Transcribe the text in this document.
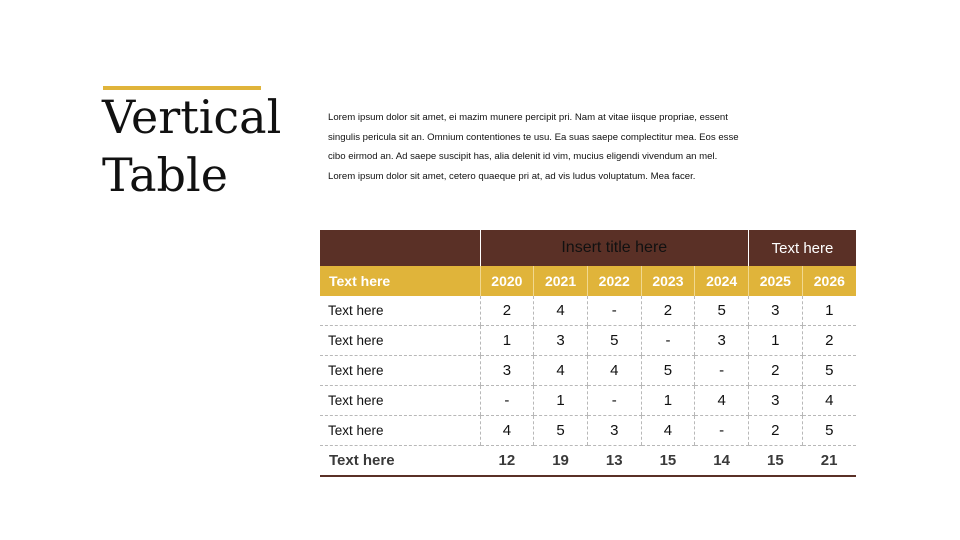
Vertical
Table

Lorem ipsum dolor sit amet, ei mazim munere percipit pri. Nam at vitae iisque propriae, essent
singulis pericula sit an. Omnium contentiones te usu. Ea suas saepe complectitur mea. Eos esse
cibo eirmod an. Ad saepe suscipit has, alia delenit id vim, mucius eligendi vivendum an mel.
Lorem ipsum dolor sit amet, cetero quaeque pri at, ad vis ludus voluptatum. Mea facer.

	Insert title here					Text here	
Text here	2020	2021	2022	2023	2024	2025	2026
Text here	2	4	-	2	5	3	1
Text here	1	3	5	-	3	1	2
Text here	3	4	4	5	-	2	5
Text here	-	1	-	1	4	3	4
Text here	4	5	3	4	-	2	5
Text here	12	19	13	15	14	15	21
